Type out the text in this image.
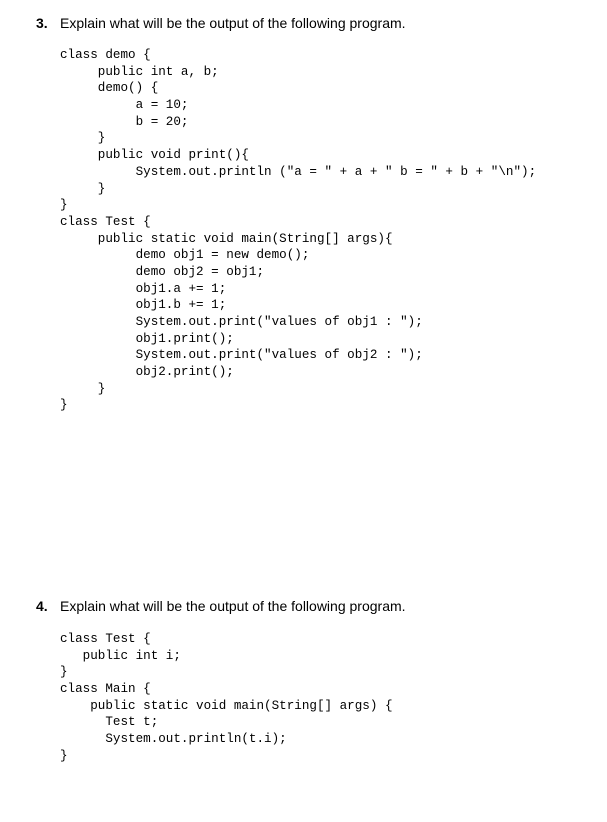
3. Explain what will be the output of the following program.
class demo {
public int a, b;
demo() {
a = 10;
b = 20;
}
public void print(){
System.out.println ("a = " + a + " b = " + b + "\n");
}
}
class Test {
public static void main(String[] args){
demo obj1 = new demo();
demo obj2 = obj1;
obj1.a += 1;
obj1.b += 1;
System.out.print("values of obj1 : ");
obj1.print();
System.out.print("values of obj2 : ");
obj2.print();
}
}
4. Explain what will be the output of the following program.
class Test {
public int i;
}
class Main {
public static void main(String[] args) {
Test t;
System.out.println(t.i);
}
